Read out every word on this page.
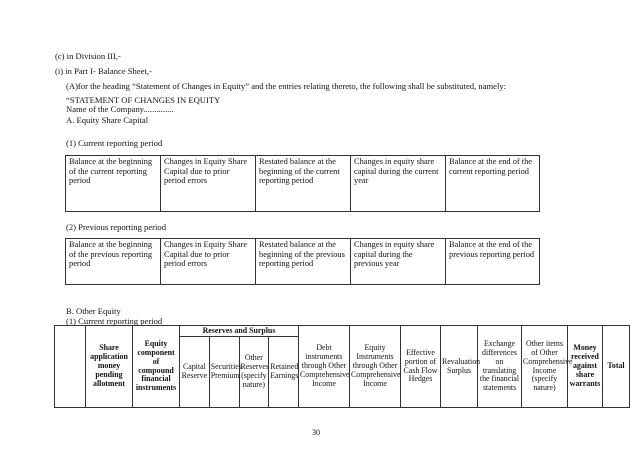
(c) in Division III,-
(i) in Part I- Balance Sheet,-
(A)for the heading “Statement of Changes in Equity” and the entries relating thereto, the following shall be substituted, namely:
“STATEMENT OF CHANGES IN EQUITY
Name of the Company..............
A. Equity Share Capital
(1) Current reporting period
Balance at the beginning of the current reporting period	Changes in Equity Share Capital due to prior period errors	Restated balance at the beginning of the current reporting period	Changes in equity share capital during the current year	Balance at the end of the current reporting period
(2) Previous reporting period
Balance at the beginning of the previous reporting period	Changes in Equity Share Capital due to prior period errors	Restated balance at the beginning of the previous reporting period	Changes in equity share capital during the previous year	Balance at the end of the previous reporting period
B. Other Equity
(1) Current reporting period
	Share application money pending allotment	Equity component of compound financial instruments	Reserves and Surplus				Debt instruments through Other Comprehensive Income	Equity Instruments through Other Comprehensive Income	Effective portion of Cash Flow Hedges	Revaluation Surplus	Exchange differences on translating the financial statements	Other items of Other Comprehensive Income (specify nature)	Money received against share warrants	Total
			Capital Reserve	Securities Premium	Other Reserves (specify nature)	Retained Earnings								
30
